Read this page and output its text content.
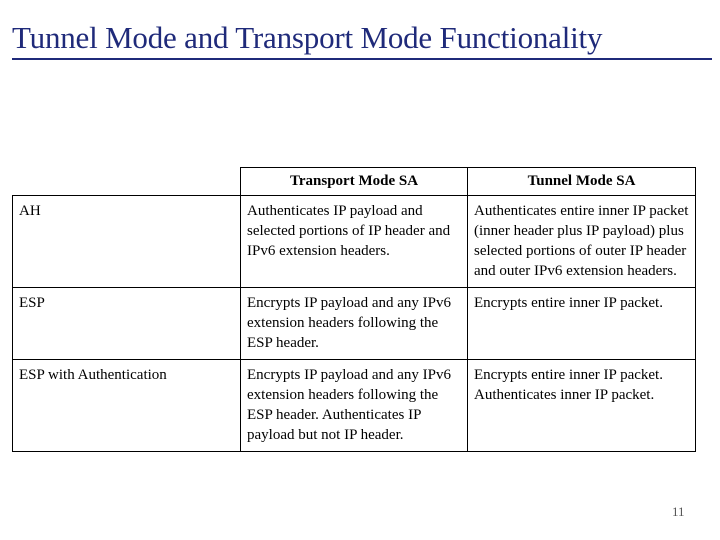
Tunnel Mode and Transport Mode Functionality
	Transport Mode SA	Tunnel Mode SA
AH	Authenticates IP payload and selected portions of IP header and IPv6 extension headers.	Authenticates entire inner IP packet (inner header plus IP payload) plus selected portions of outer IP header and outer IPv6 extension headers.
ESP	Encrypts IP payload and any IPv6 extension headers following the ESP header.	Encrypts entire inner IP packet.
ESP with Authentication	Encrypts IP payload and any IPv6 extension headers following the ESP header. Authenticates IP payload but not IP header.	Encrypts entire inner IP packet. Authenticates inner IP packet.
11
